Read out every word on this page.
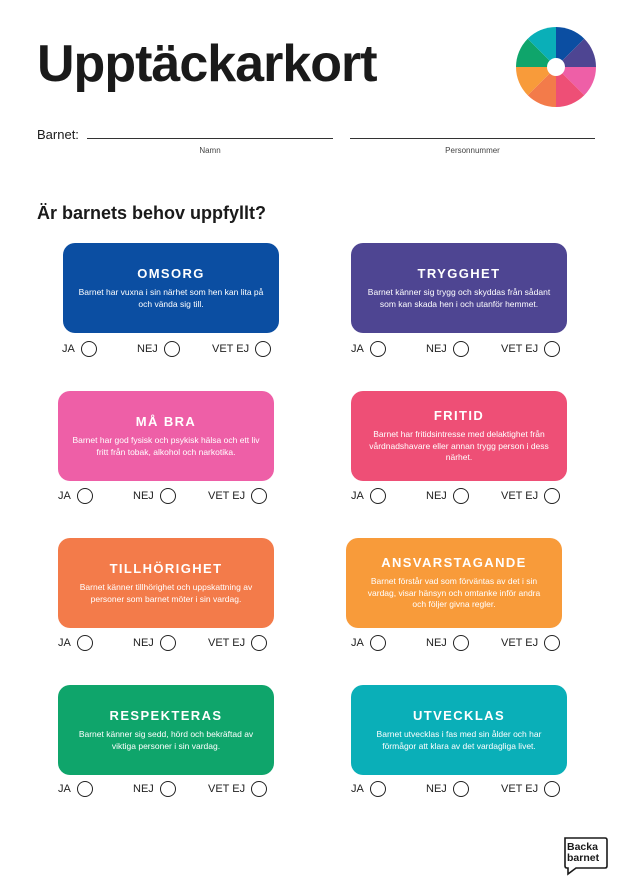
Upptäckarkort
Barnet:
Namn	Personnummer
Är barnets behov uppfyllt?
OMSORG

Barnet har vuxna i sin närhet som hen kan lita på och vända sig till.

JA	NEJ	VET EJ
TRYGGHET

Barnet känner sig trygg och skyddas från sådant som kan skada hen i och utanför hemmet.

JA	NEJ	VET EJ
MÅ BRA

Barnet har god fysisk och psykisk hälsa och ett liv fritt från tobak, alkohol och narkotika.

JA	NEJ	VET EJ
FRITID

Barnet har fritidsintresse med delaktighet från vårdnadshavare eller annan trygg person i dess närhet.

JA	NEJ	VET EJ
TILLHÖRIGHET

Barnet känner tillhörighet och uppskattning av personer som barnet möter i sin vardag.

JA	NEJ	VET EJ
ANSVARSTAGANDE

Barnet förstår vad som förväntas av det i sin vardag, visar hänsyn och omtanke inför andra och följer givna regler.

JA	NEJ	VET EJ
RESPEKTERAS

Barnet känner sig sedd, hörd och bekräftad av viktiga personer i sin vardag.

JA	NEJ	VET EJ
UTVECKLAS

Barnet utvecklas i fas med sin ålder och har förmågor att klara av det vardagliga livet.

JA	NEJ	VET EJ
Backa
barnet
